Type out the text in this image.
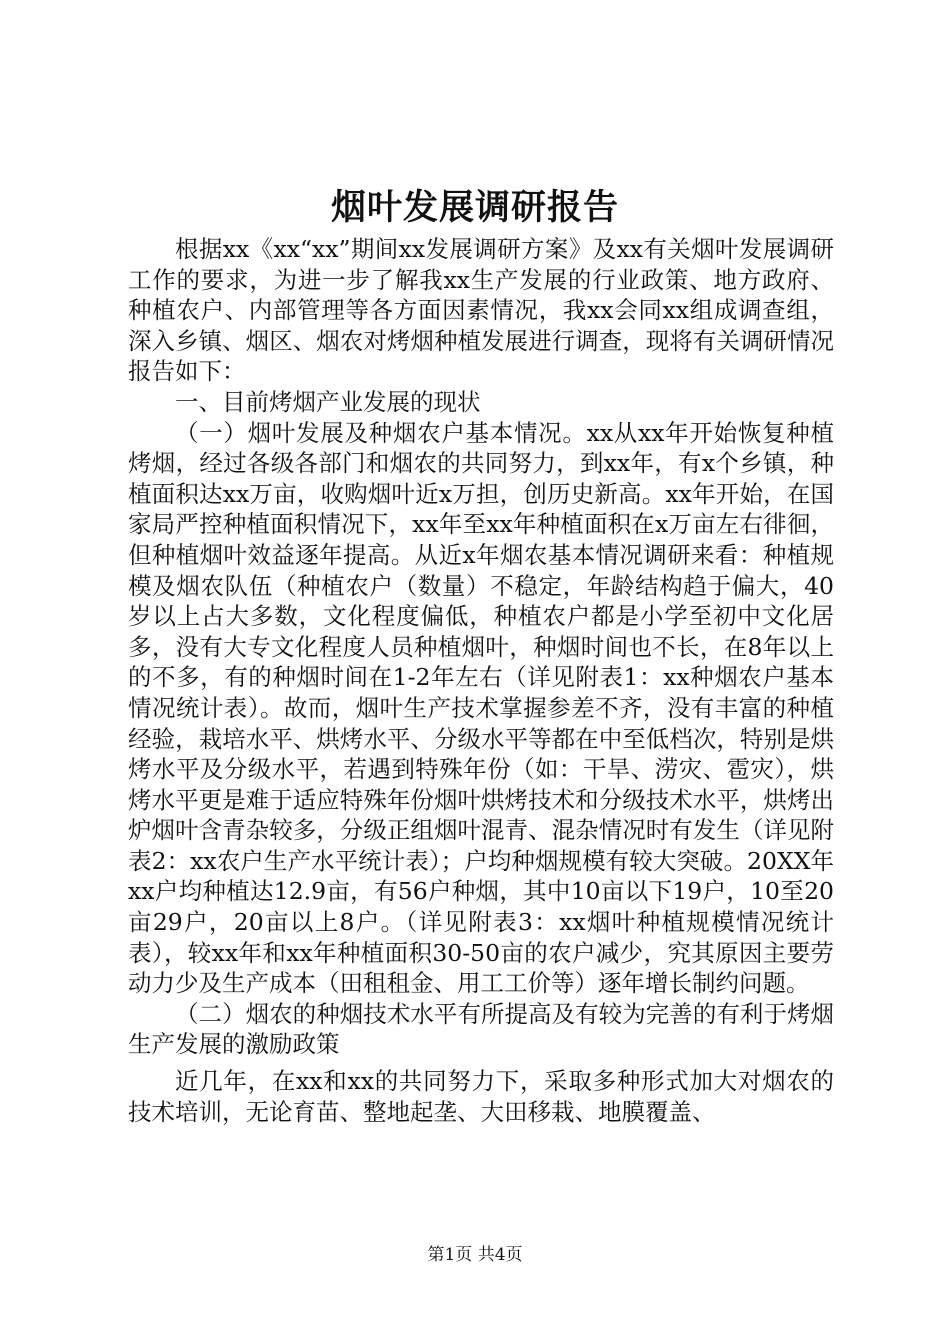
烟叶发展调研报告

根据xx《xx“xx”期间xx发展调研方案》及xx有关烟叶发展调研工作的要求，为进一步了解我xx生产发展的行业政策、地方政府、种植农户、内部管理等各方面因素情况，我xx会同xx组成调查组，深入乡镇、烟区、烟农对烤烟种植发展进行调查，现将有关调研情况报告如下：

一、目前烤烟产业发展的现状

（一）烟叶发展及种烟农户基本情况。xx从xx年开始恢复种植烤烟，经过各级各部门和烟农的共同努力，到xx年，有x个乡镇，种植面积达xx万亩，收购烟叶近x万担，创历史新高。xx年开始，在国家局严控种植面积情况下，xx年至xx年种植面积在x万亩左右徘徊，但种植烟叶效益逐年提高。从近x年烟农基本情况调研来看：种植规模及烟农队伍（种植农户（数量）不稳定，年龄结构趋于偏大，40岁以上占大多数，文化程度偏低，种植农户都是小学至初中文化居多，没有大专文化程度人员种植烟叶，种烟时间也不长，在8年以上的不多，有的种烟时间在1-2年左右（详见附表1：xx种烟农户基本情况统计表）。故而，烟叶生产技术掌握参差不齐，没有丰富的种植经验，栽培水平、烘烤水平、分级水平等都在中至低档次，特别是烘烤水平及分级水平，若遇到特殊年份（如：干旱、涝灾、雹灾），烘烤水平更是难于适应特殊年份烟叶烘烤技术和分级技术水平，烘烤出炉烟叶含青杂较多，分级正组烟叶混青、混杂情况时有发生（详见附表2：xx农户生产水平统计表）；户均种烟规模有较大突破。20XX年xx户均种植达12.9亩，有56户种烟，其中10亩以下19户，10至20亩29户，20亩以上8户。（详见附表3：xx烟叶种植规模情况统计表），较xx年和xx年种植面积30-50亩的农户减少，究其原因主要劳动力少及生产成本（田租租金、用工工价等）逐年增长制约问题。

（二）烟农的种烟技术水平有所提高及有较为完善的有利于烤烟生产发展的激励政策

近几年，在xx和xx的共同努力下，采取多种形式加大对烟农的技术培训，无论育苗、整地起垄、大田移栽、地膜覆盖、

第1页 共4页
